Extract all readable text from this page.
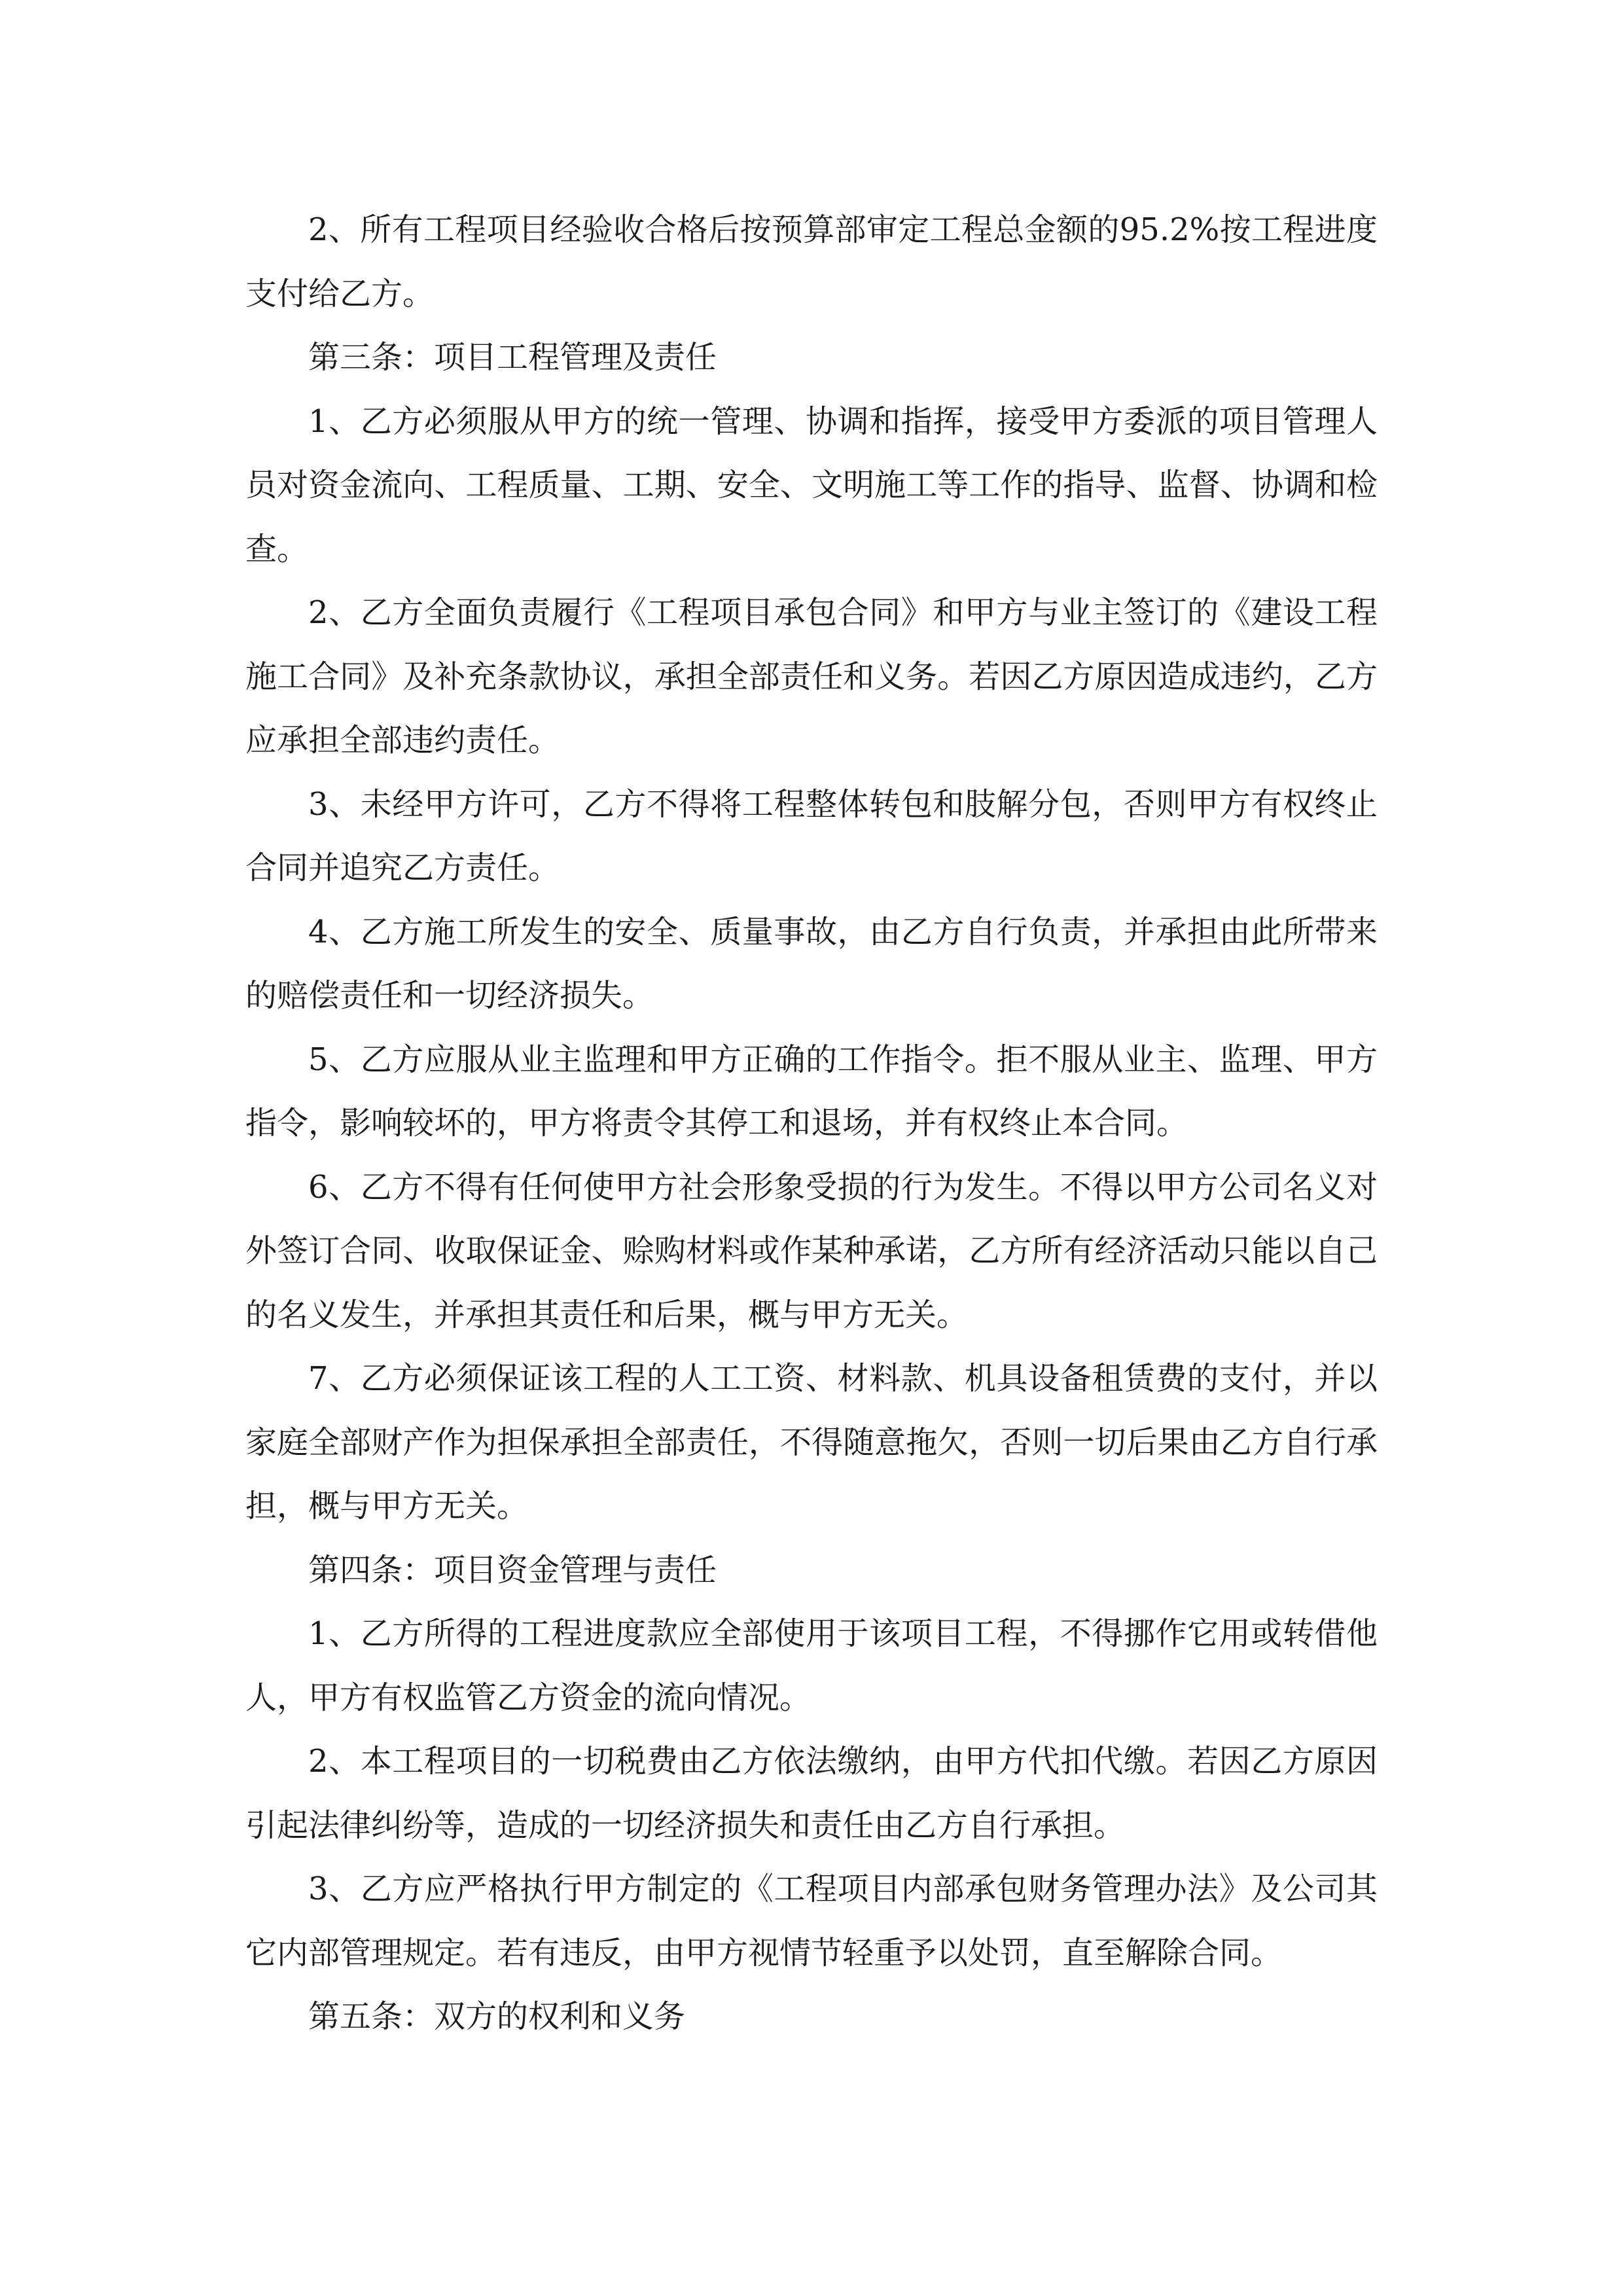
2、所有工程项目经验收合格后按预算部审定工程总金额的95.2%按工程进度支付给乙方。

第三条：项目工程管理及责任

1、乙方必须服从甲方的统一管理、协调和指挥，接受甲方委派的项目管理人员对资金流向、工程质量、工期、安全、文明施工等工作的指导、监督、协调和检查。

2、乙方全面负责履行《工程项目承包合同》和甲方与业主签订的《建设工程施工合同》及补充条款协议，承担全部责任和义务。若因乙方原因造成违约，乙方应承担全部违约责任。

3、未经甲方许可，乙方不得将工程整体转包和肢解分包，否则甲方有权终止合同并追究乙方责任。

4、乙方施工所发生的安全、质量事故，由乙方自行负责，并承担由此所带来的赔偿责任和一切经济损失。

5、乙方应服从业主监理和甲方正确的工作指令。拒不服从业主、监理、甲方指令，影响较坏的，甲方将责令其停工和退场，并有权终止本合同。

6、乙方不得有任何使甲方社会形象受损的行为发生。不得以甲方公司名义对外签订合同、收取保证金、赊购材料或作某种承诺，乙方所有经济活动只能以自己的名义发生，并承担其责任和后果，概与甲方无关。

7、乙方必须保证该工程的人工工资、材料款、机具设备租赁费的支付，并以家庭全部财产作为担保承担全部责任，不得随意拖欠，否则一切后果由乙方自行承担，概与甲方无关。

第四条：项目资金管理与责任

1、乙方所得的工程进度款应全部使用于该项目工程，不得挪作它用或转借他人，甲方有权监管乙方资金的流向情况。

2、本工程项目的一切税费由乙方依法缴纳，由甲方代扣代缴。若因乙方原因引起法律纠纷等，造成的一切经济损失和责任由乙方自行承担。

3、乙方应严格执行甲方制定的《工程项目内部承包财务管理办法》及公司其它内部管理规定。若有违反，由甲方视情节轻重予以处罚，直至解除合同。

第五条：双方的权利和义务
